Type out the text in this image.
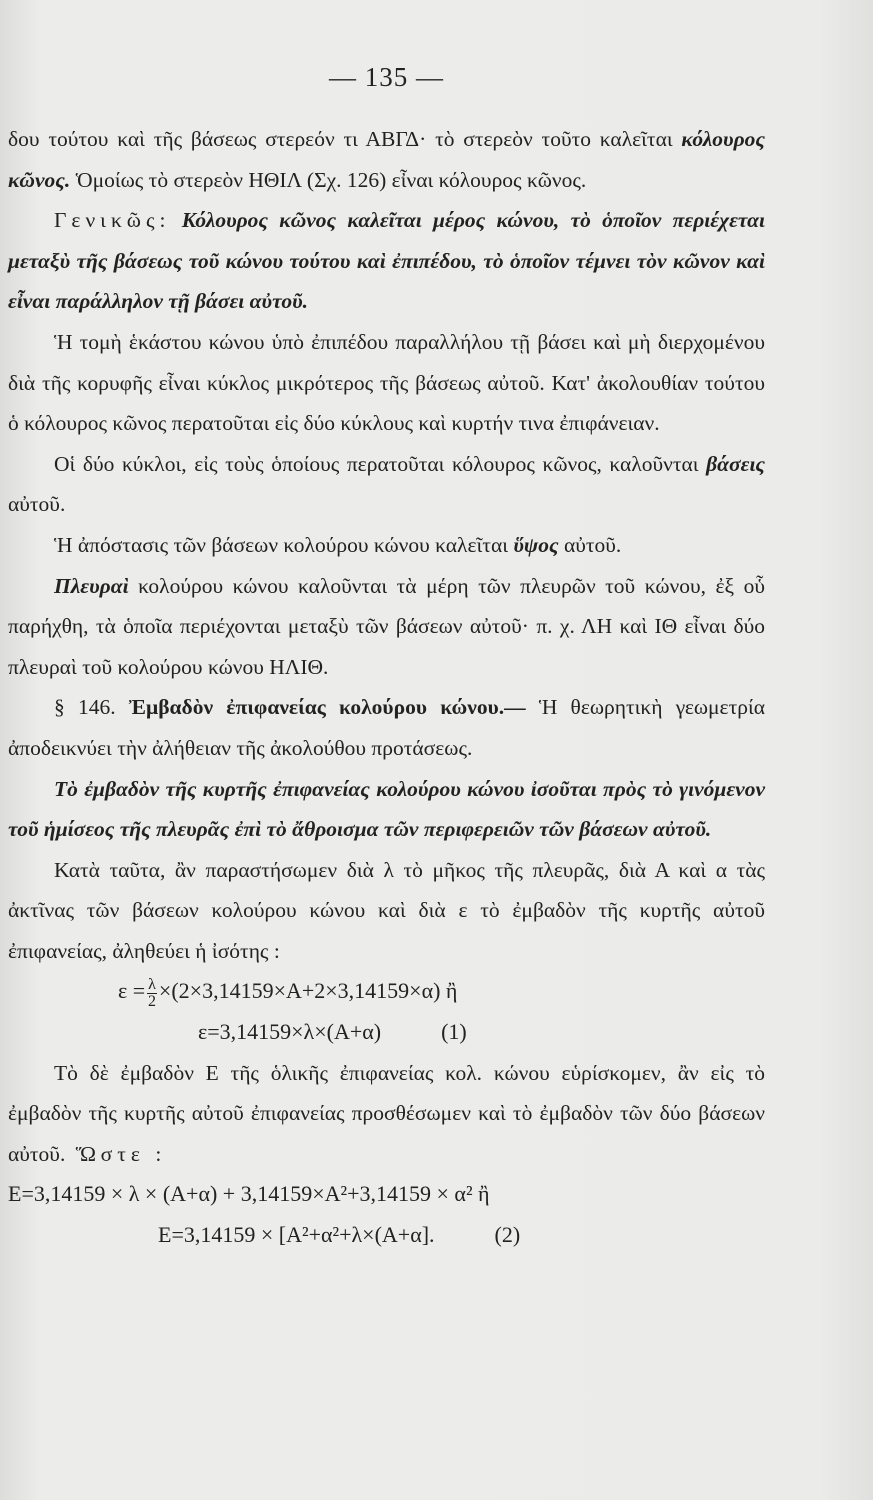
— 135 —

δου τούτου καὶ τῆς βάσεως στερεόν τι ΑΒΓΔ· τὸ στερεὸν τοῦτο καλεῖται κόλουρος κῶνος. Ὁμοίως τὸ στερεὸν ΗΘΙΛ (Σχ. 126) εἶναι κόλουρος κῶνος.

Γενικῶς: Κόλουρος κῶνος καλεῖται μέρος κώνου, τὸ ὁποῖον περιέχεται μεταξὺ τῆς βάσεως τοῦ κώνου τούτου καὶ ἐπιπέδου, τὸ ὁποῖον τέμνει τὸν κῶνον καὶ εἶναι παράλληλον τῇ βάσει αὐτοῦ.

Ἡ τομὴ ἑκάστου κώνου ὑπὸ ἐπιπέδου παραλλήλου τῇ βάσει καὶ μὴ διερχομένου διὰ τῆς κορυφῆς εἶναι κύκλος μικρότερος τῆς βάσεως αὐτοῦ. Κατ' ἀκολουθίαν τούτου ὁ κόλουρος κῶνος περατοῦται εἰς δύο κύκλους καὶ κυρτήν τινα ἐπιφάνειαν.

Οἱ δύο κύκλοι, εἰς τοὺς ὁποίους περατοῦται κόλουρος κῶνος, καλοῦνται βάσεις αὐτοῦ.

Ἡ ἀπόστασις τῶν βάσεων κολούρου κώνου καλεῖται ὕψος αὐτοῦ.

Πλευραὶ κολούρου κώνου καλοῦνται τὰ μέρη τῶν πλευρῶν τοῦ κώνου, ἐξ οὗ παρήχθη, τὰ ὁποῖα περιέχονται μεταξὺ τῶν βάσεων αὐτοῦ· π. χ. ΛΗ καὶ ΙΘ εἶναι δύο πλευραὶ τοῦ κολούρου κώνου ΗΛΙΘ.

§ 146. Ἐμβαδὸν ἐπιφανείας κολούρου κώνου.— Ἡ θεωρητικὴ γεωμετρία ἀποδεικνύει τὴν ἀλήθειαν τῆς ἀκολούθου προτάσεως.

Τὸ ἐμβαδὸν τῆς κυρτῆς ἐπιφανείας κολούρου κώνου ἰσοῦται πρὸς τὸ γινόμενον τοῦ ἡμίσεος τῆς πλευρᾶς ἐπὶ τὸ ἄθροισμα τῶν περιφερειῶν τῶν βάσεων αὐτοῦ.

Κατὰ ταῦτα, ἂν παραστήσωμεν διὰ λ τὸ μῆκος τῆς πλευρᾶς, διὰ Α καὶ α τὰς ἀκτῖνας τῶν βάσεων κολούρου κώνου καὶ διὰ ε τὸ ἐμβαδὸν τῆς κυρτῆς αὐτοῦ ἐπιφανείας, ἀληθεύει ἡ ἰσότης :

$\varepsilon = \frac{\lambda}{2} \times(2\times 3,14159\times A+2\times 3,14159\times\alpha)$ ἢ
ε=3,14159×λ×(Α+α)	(1)

Τὸ δὲ ἐμβαδὸν Ε τῆς ὁλικῆς ἐπιφανείας κολ. κώνου εὑρίσκομεν, ἂν εἰς τὸ ἐμβαδὸν τῆς κυρτῆς αὐτοῦ ἐπιφανείας προσθέσωμεν καὶ τὸ ἐμβαδὸν τῶν δύο βάσεων αὐτοῦ. Ὥστε :

Ε=3,14159 × λ × (Α+α) + 3,14159×Α²+3,14159 × α² ἢ
Ε=3,14159 × [Α²+α²+λ×(Α+α].	(2)
